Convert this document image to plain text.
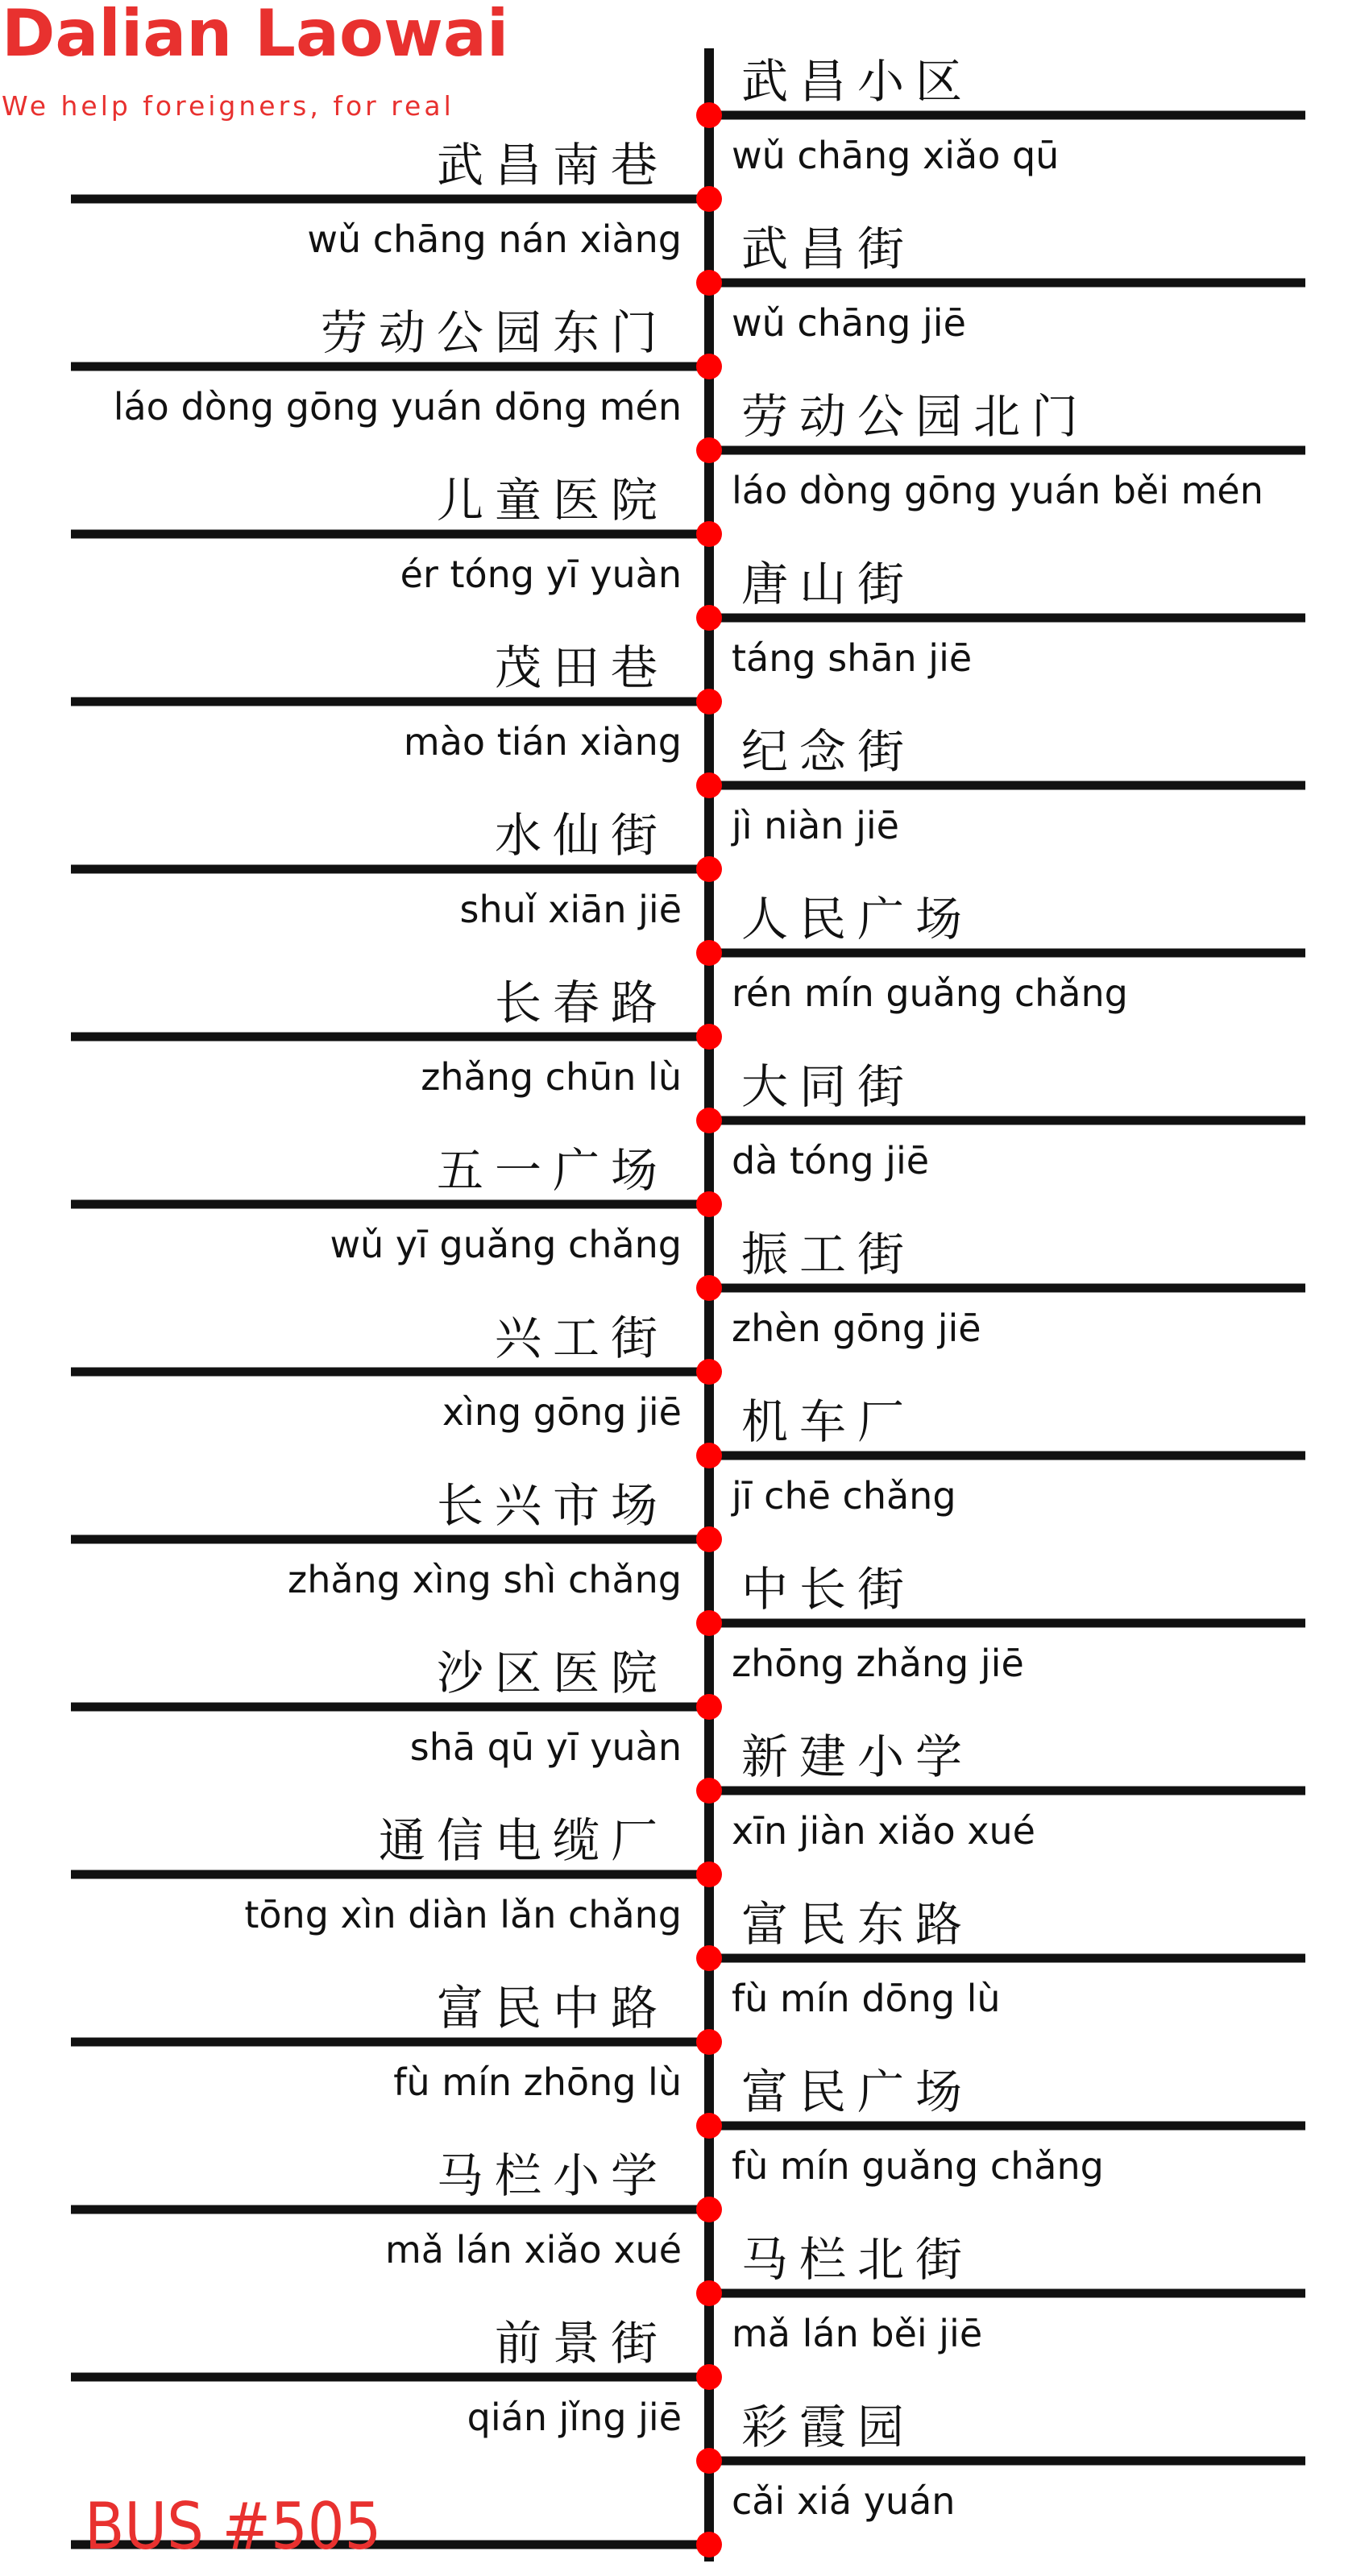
Dalian Laowai
We help foreigners, for real	武昌小区
wǔ chāng xiǎo qū
武昌南巷
wǔ chāng nán xiàng 武昌街
wǔ chāng jiē
劳动公园东门
láo dòng gōng yuán dōng mén 劳动公园北门
láo dòng gōng yuán běi mén
儿童医院
ér tóng yī yuàn 唐山街
táng shān jiē
茂田巷
mào tián xiàng 纪念街
jì niàn jiē
水仙街
shuǐ xiān jiē 人民广场
rén mín guǎng chǎng
长春路
zhǎng chūn lù 大同街
dà tóng jiē
五一广场
wǔ yī guǎng chǎng 振工街
zhèn gōng jiē
兴工街
xìng gōng jiē 机车厂
jī chē chǎng
长兴市场
zhǎng xìng shì chǎng 中长街
zhōng zhǎng jiē
沙区医院
shā qū yī yuàn 新建小学
xīn jiàn xiǎo xué
通信电缆厂
tōng xìn diàn lǎn chǎng 富民东路
fù mín dōng lù
富民中路
fù mín zhōng lù 富民广场
fù mín guǎng chǎng
马栏小学
mǎ lán xiǎo xué 马栏北街
mǎ lán běi jiē
前景街
qián jǐng jiē 彩霞园
cǎi xiá yuán
BUS #505
